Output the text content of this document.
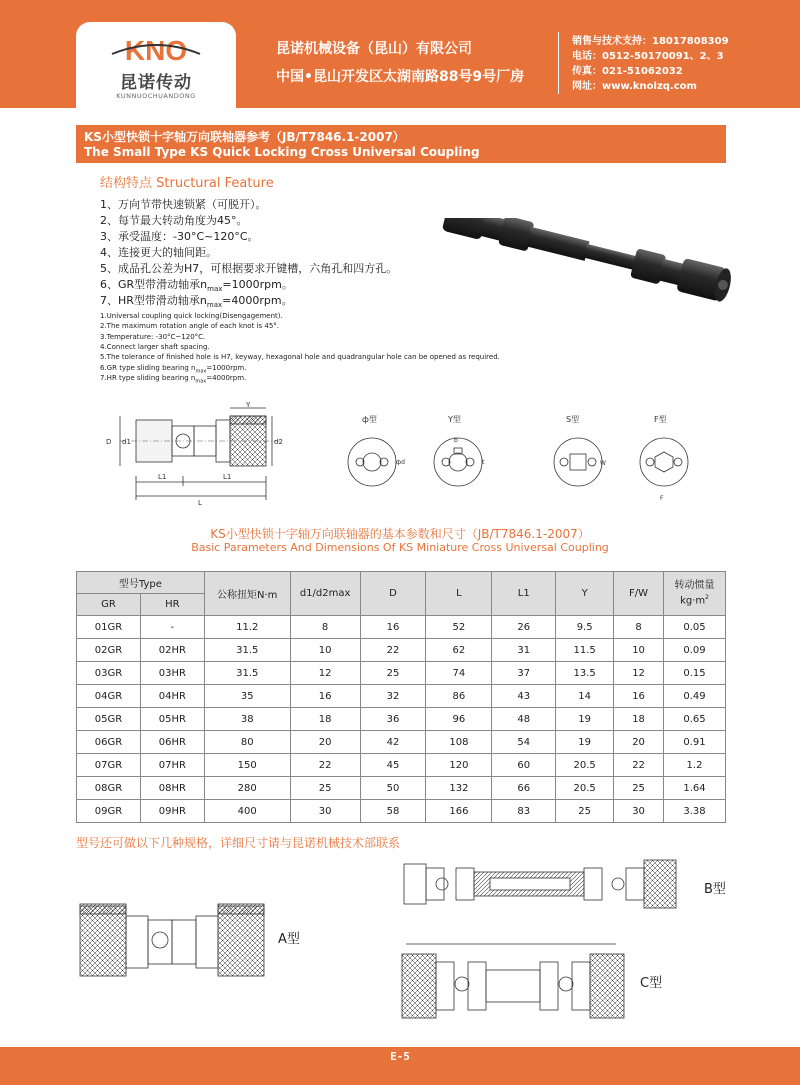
KNO
昆诺传动
KUNNUOCHUANDONG
昆诺机械设备（昆山）有限公司
中国•昆山开发区太湖南路88号9号厂房
销售与技术支持：18017808309
电话：0512-50170091、2、3
传真：021-51062032
网址：www.knolzq.com
KS小型快锁十字轴万向联轴器参考（JB/T7846.1-2007）
The Small Type KS Quick Locking Cross Universal Coupling
结构特点 Structural Feature
1、万向节带快速锁紧（可脱开）。
2、每节最大转动角度为45°。
3、承受温度：-30°C~120°C。
4、连接更大的轴间距。
5、成品孔公差为H7，可根据要求开键槽，六角孔和四方孔。
6、GR型带滑动轴承$n_{max}=1000rpm$。
7、HR型带滑动轴承$n_{max}=4000rpm$。
1.Universal coupling quick locking(Disengagement).
2.The maximum rotation angle of each knot is 45°.
3.Temperature: -30°C~120°C.
4.Connect larger shaft spacing.
5.The tolerance of finished hole is H7, keyway, hexagonal hole and quadrangular hole can be opened as required.
6.GR type sliding bearing $n_{max}=1000rpm$.
7.HR type sliding bearing $n_{max}=4000rpm$.
L1	L1
L
D d1	d2
Y
ф型
фd
Y型
b
t
S型
W
F型
F
KS小型快锁十字轴万向联轴器的基本参数和尺寸（JB/T7846.1-2007）
Basic Parameters And Dimensions Of KS Miniature Cross Universal Coupling
型号Type		公称扭矩N·m	d1/d2max	D	L	L1	Y	F/W	转动惯量
$kg\cdot m^2$
GR	HR								
01GR	-	11.2	8	16	52	26	9.5	8	0.05
02GR	02HR	31.5	10	22	62	31	11.5	10	0.09
03GR	03HR	31.5	12	25	74	37	13.5	12	0.15
04GR	04HR	35	16	32	86	43	14	16	0.49
05GR	05HR	38	18	36	96	48	19	18	0.65
06GR	06HR	80	20	42	108	54	19	20	0.91
07GR	07HR	150	22	45	120	60	20.5	22	1.2
08GR	08HR	280	25	50	132	66	20.5	25	1.64
09GR	09HR	400	30	58	166	83	25	30	3.38
型号还可做以下几种规格，详细尺寸请与昆诺机械技术部联系
A型
B型
C型
E-5
